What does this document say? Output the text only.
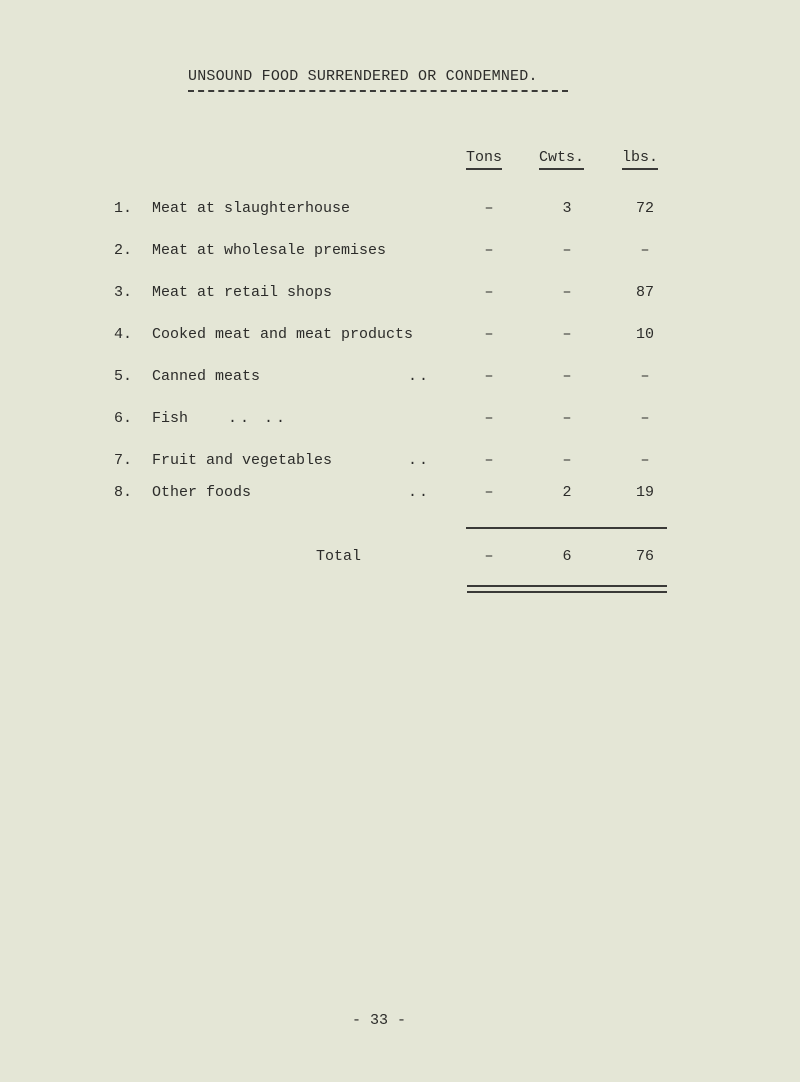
UNSOUND FOOD SURRENDERED OR CONDEMNED.
Tons Cwts.	lbs.
1.	Meat at slaughterhouse	–	3	72
2.	Meat at wholesale premises	–	–	–
3.	Meat at retail shops	–	–	87
4.	Cooked meat and meat products	–	–	10
5.	Canned meats	..	–	–	–
6.	Fish	.. ..	–	–	–
7.	Fruit and vegetables	..	–	–	–
8.	Other foods	..	–	2	19
Total	–	6	76
- 33 -
